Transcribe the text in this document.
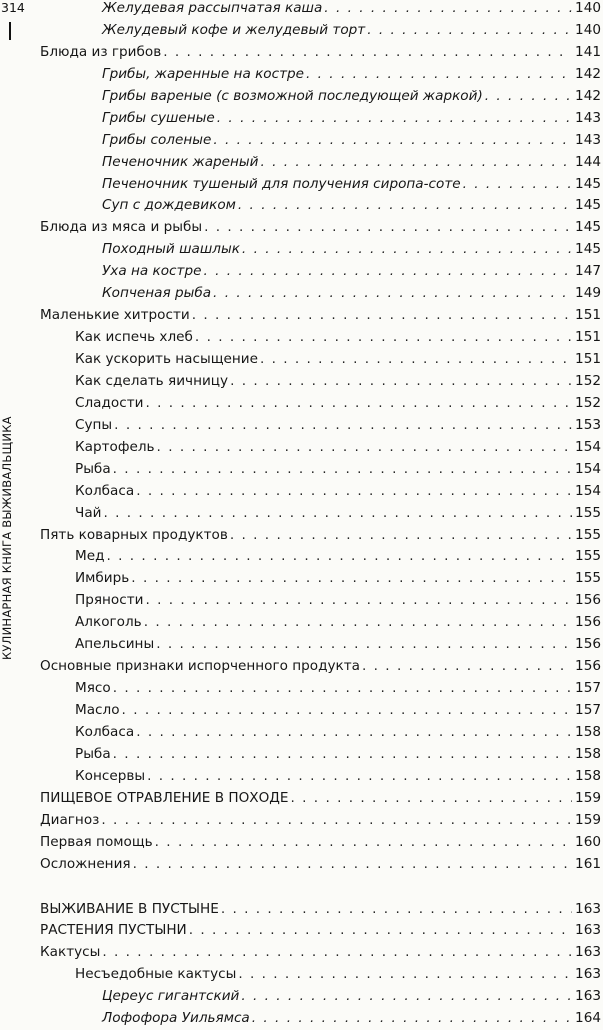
314
КУЛИНАРНАЯ КНИГА ВЫЖИВАЛЬЩИКА
Желудевая рассыпчатая каша . . .	140
Желудевый кофе и желудевый торт . . .	140
Блюда из грибов . . .	141
Грибы, жаренные на костре . . .	142
Грибы вареные (с возможной последующей жаркой) . . .	142
Грибы сушеные . . .	143
Грибы соленые . . .	143
Печеночник жареный . . .	144
Печеночник тушеный для получения сиропа-соте . . .	145
Суп с дождевиком . . .	145
Блюда из мяса и рыбы . . .	145
Походный шашлык . . .	145
Уха на костре . . .	147
Копченая рыба . . .	149
Маленькие хитрости . . .	151
Как испечь хлеб . . .	151
Как ускорить насыщение . . .	151
Как сделать яичницу . . .	152
Сладости . . .	152
Супы . . .	153
Картофель . . .	154
Рыба . . .	154
Колбаса . . .	154
Чай . . .	155
Пять коварных продуктов . . .	155
Мед . . .	155
Имбирь . . .	155
Пряности . . .	156
Алкоголь . . .	156
Апельсины . . .	156
Основные признаки испорченного продукта . . .	156
Мясо . . .	157
Масло . . .	157
Колбаса . . .	158
Рыба . . .	158
Консервы . . .	158
ПИЩЕВОЕ ОТРАВЛЕНИЕ В ПОХОДЕ . . .	159
Диагноз . . .	159
Первая помощь . . .	160
Осложнения . . .	161
ВЫЖИВАНИЕ В ПУСТЫНЕ . . .	163
РАСТЕНИЯ ПУСТЫНИ . . .	163
Кактусы . . .	163
Несъедобные кактусы . . .	163
Цереус гигантский . . .	163
Лофофора Уильямса . . .	164
